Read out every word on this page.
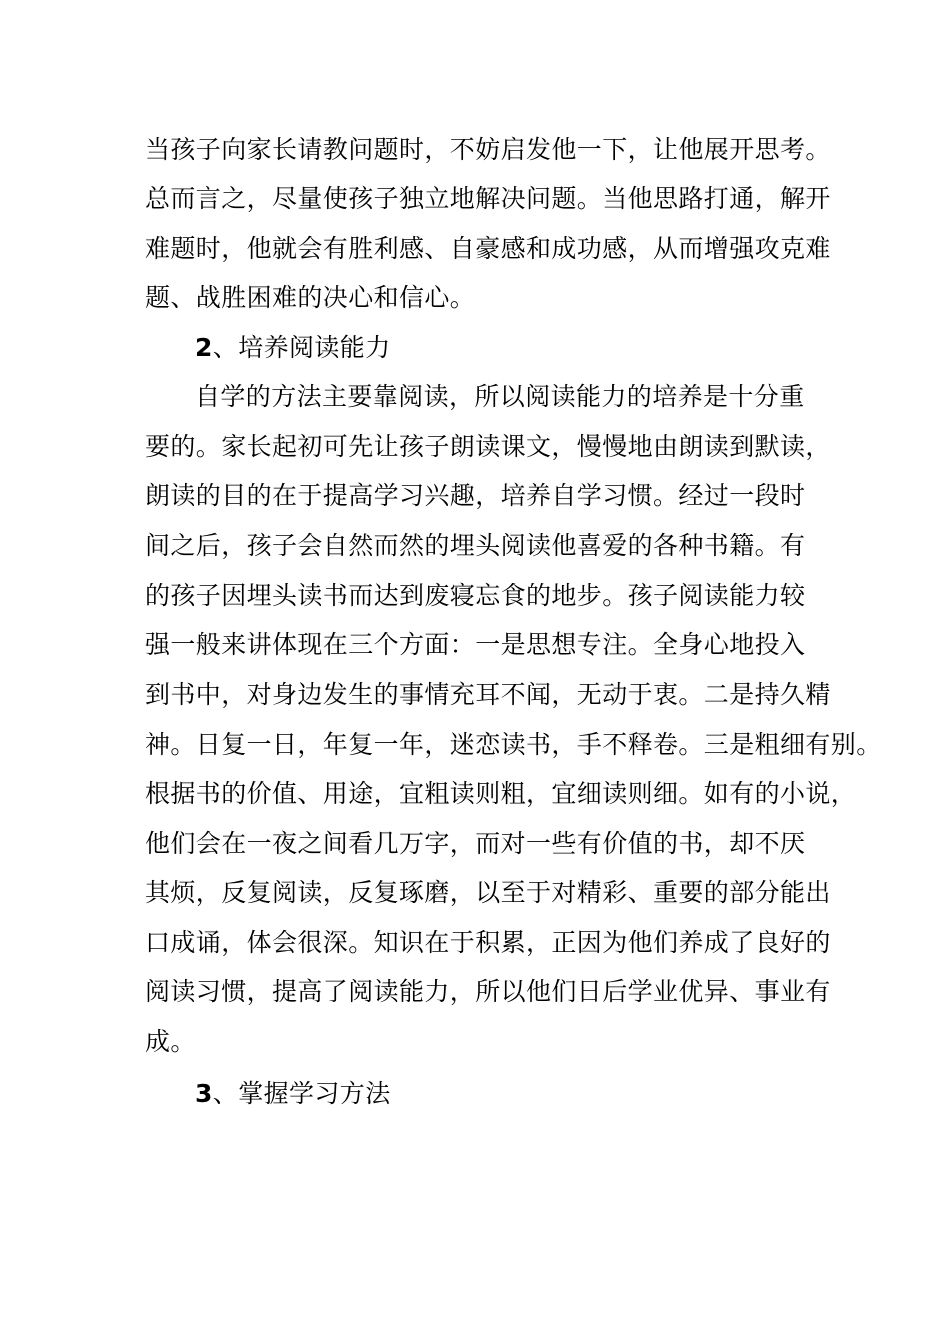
当孩子向家长请教问题时，不妨启发他一下，让他展开思考。
总而言之，尽量使孩子独立地解决问题。当他思路打通，解开
难题时，他就会有胜利感、自豪感和成功感，从而增强攻克难
题、战胜困难的决心和信心。
2、培养阅读能力
自学的方法主要靠阅读，所以阅读能力的培养是十分重
要的。家长起初可先让孩子朗读课文，慢慢地由朗读到默读，
朗读的目的在于提高学习兴趣，培养自学习惯。经过一段时
间之后，孩子会自然而然的埋头阅读他喜爱的各种书籍。有
的孩子因埋头读书而达到废寝忘食的地步。孩子阅读能力较
强一般来讲体现在三个方面：一是思想专注。全身心地投入
到书中，对身边发生的事情充耳不闻，无动于衷。二是持久精
神。日复一日，年复一年，迷恋读书，手不释卷。三是粗细有别。
根据书的价值、用途，宜粗读则粗，宜细读则细。如有的小说，
他们会在一夜之间看几万字，而对一些有价值的书，却不厌
其烦，反复阅读，反复琢磨，以至于对精彩、重要的部分能出
口成诵，体会很深。知识在于积累，正因为他们养成了良好的
阅读习惯，提高了阅读能力，所以他们日后学业优异、事业有
成。
3、掌握学习方法
